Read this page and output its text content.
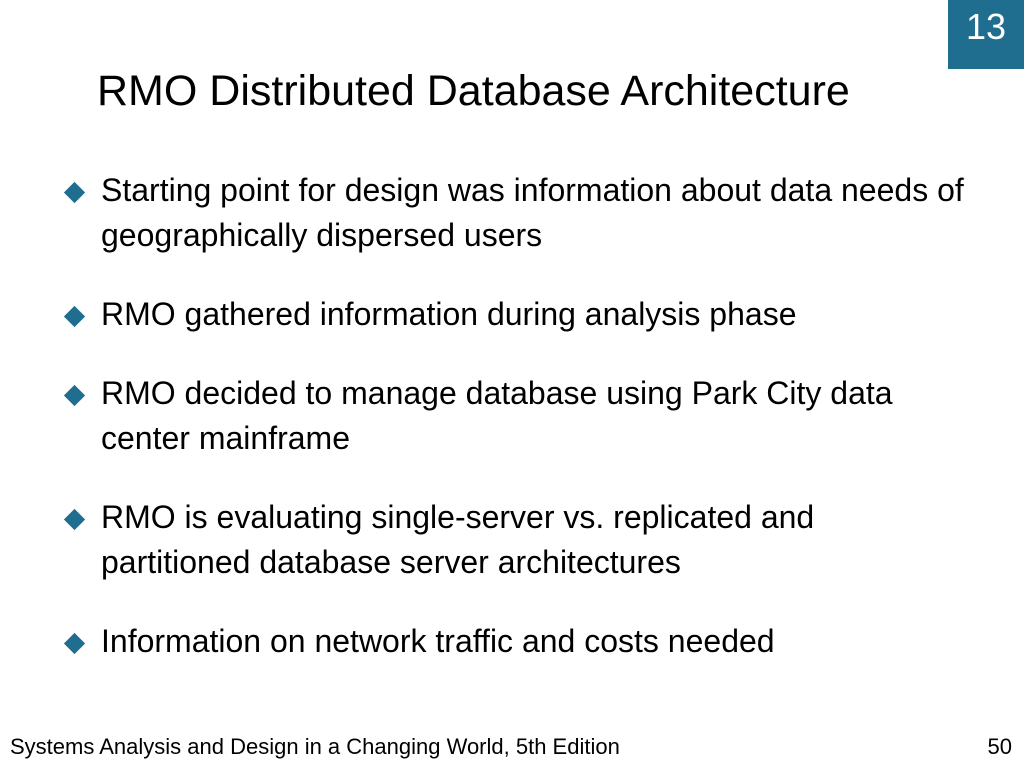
13
RMO Distributed Database Architecture
Starting point for design was information about data needs of geographically dispersed users
RMO gathered information during analysis phase
RMO decided to manage database using Park City data center mainframe
RMO is evaluating single-server vs. replicated and partitioned database server architectures
Information on network traffic and costs needed
Systems Analysis and Design in a Changing World, 5th Edition	50
